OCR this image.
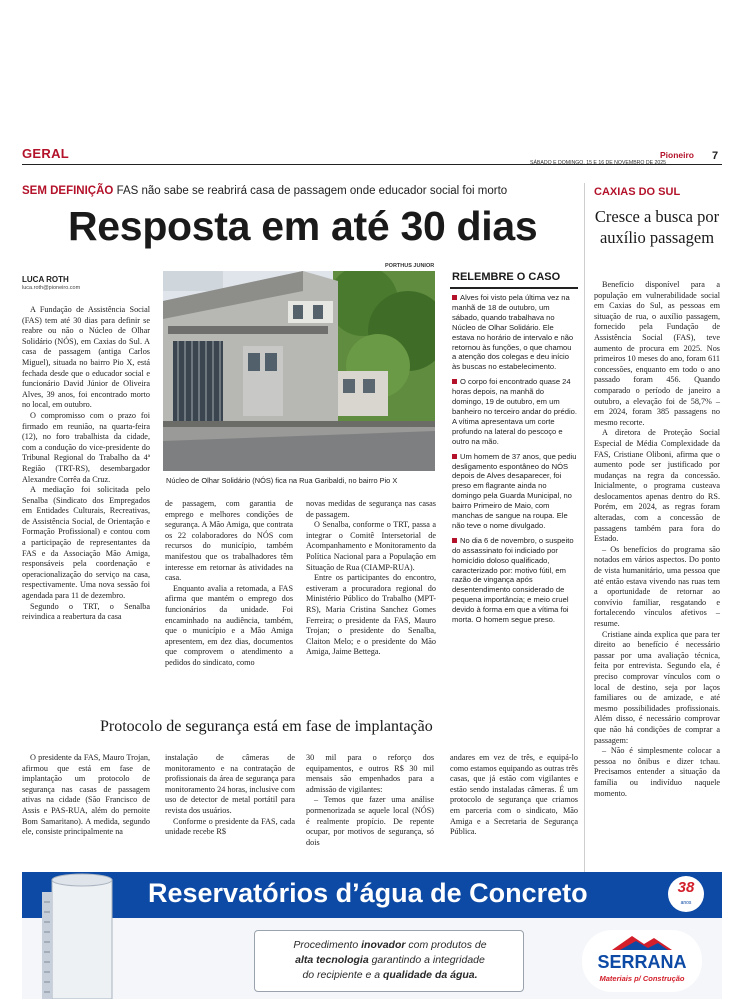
GERAL	Pioneiro
SÁBADO E DOMINGO, 15 E 16 DE NOVEMBRO DE 2025
7
SEM DEFINIÇÃO FAS não sabe se reabrirá casa de passagem onde educador social foi morto
Resposta em até 30 dias
LUCA ROTH
luca.roth@pioneiro.com
PORTHUS JUNIOR
Núcleo de Olhar Solidário (NÓS) fica na Rua Garibaldi, no bairro Pio X

A Fundação de Assistência Social (FAS) tem até 30 dias para definir se reabre ou não o Núcleo de Olhar Solidário (NÓS), em Caxias do Sul. A casa de passagem (antiga Carlos Miguel), situada no bairro Pio X, está fechada desde que o educador social e funcionário David Júnior de Oliveira Alves, 39 anos, foi encontrado morto no local, em outubro.

O compromisso com o prazo foi firmado em reunião, na quarta-feira (12), no foro trabalhista da cidade, com a condução do vice-presidente do Tribunal Regional do Trabalho da 4ª Região (TRT-RS), desembargador Alexandre Corrêa da Cruz.

A mediação foi solicitada pelo Senalba (Sindicato dos Empregados em Entidades Culturais, Recreativas, de Assistência Social, de Orientação e Formação Profissional) e contou com a participação de representantes da FAS e da Associação Mão Amiga, responsáveis pela coordenação e operacionalização do serviço na casa, respectivamente. Uma nova sessão foi agendada para 11 de dezembro.

Segundo o TRT, o Senalba reivindica a reabertura da casa

de passagem, com garantia de emprego e melhores condições de segurança. A Mão Amiga, que contrata os 22 colaboradores do NÓS com recursos do município, também manifestou que os trabalhadores têm interesse em retornar às atividades na casa.

Enquanto avalia a retomada, a FAS afirma que mantém o emprego dos funcionários da unidade. Foi encaminhado na audiência, também, que o município e a Mão Amiga apresentem, em dez dias, documentos que comprovem o atendimento a pedidos do sindicato, como

novas medidas de segurança nas casas de passagem.

O Senalba, conforme o TRT, passa a integrar o Comitê Intersetorial de Acompanhamento e Monitoramento da Política Nacional para a População em Situação de Rua (CIAMP-RUA).

Entre os participantes do encontro, estiveram a procuradora regional do Ministério Público do Trabalho (MPT-RS), Maria Cristina Sanchez Gomes Ferreira; o presidente da FAS, Mauro Trojan; o presidente do Senalba, Claiton Melo; e o presidente do Mão Amiga, Jaime Bettega.

RELEMBRE O CASO

Alves foi visto pela última vez na manhã de 18 de outubro, um sábado, quando trabalhava no Núcleo de Olhar Solidário. Ele estava no horário de intervalo e não retornou às funções, o que chamou a atenção dos colegas e deu início às buscas no estabelecimento.

O corpo foi encontrado quase 24 horas depois, na manhã do domingo, 19 de outubro, em um banheiro no terceiro andar do prédio. A vítima apresentava um corte profundo na lateral do pescoço e outro na mão.

Um homem de 37 anos, que pediu desligamento espontâneo do NÓS depois de Alves desaparecer, foi preso em flagrante ainda no domingo pela Guarda Municipal, no bairro Primeiro de Maio, com manchas de sangue na roupa. Ele não teve o nome divulgado.

No dia 6 de novembro, o suspeito do assassinato foi indiciado por homicídio doloso qualificado, caracterizado por: motivo fútil, em razão de vingança após desentendimento considerado de pequena importância; e meio cruel devido à forma em que a vítima foi morta. O homem segue preso.

Protocolo de segurança está em fase de implantação

O presidente da FAS, Mauro Trojan, afirmou que está em fase de implantação um protocolo de segurança nas casas de passagem ativas na cidade (São Francisco de Assis e PAS-RUA, além do pernoite Bom Samaritano). A medida, segundo ele, consiste principalmente na

instalação de câmeras de monitoramento e na contratação de profissionais da área de segurança para monitoramento 24 horas, inclusive com uso de detector de metal portátil para revista dos usuários.

Conforme o presidente da FAS, cada unidade recebe R$

30 mil para o reforço dos equipamentos, e outros R$ 30 mil mensais são empenhados para a admissão de vigilantes:

– Temos que fazer uma análise pormenorizada se aquele local (NÓS) é realmente propício. De repente ocupar, por motivos de segurança, só dois

andares em vez de três, e equipá-lo como estamos equipando as outras três casas, que já estão com vigilantes e estão sendo instaladas câmeras. É um protocolo de segurança que criamos em parceria com o sindicato, Mão Amiga e a Secretaria de Segurança Pública.

CAXIAS DO SUL
Cresce a busca por auxílio passagem

Benefício disponível para a população em vulnerabilidade social em Caxias do Sul, as pessoas em situação de rua, o auxílio passagem, fornecido pela Fundação de Assistência Social (FAS), teve aumento de procura em 2025. Nos primeiros 10 meses do ano, foram 611 concessões, enquanto em todo o ano passado foram 456. Quando comparado o período de janeiro a outubro, a elevação foi de 58,7% – em 2024, foram 385 passagens no mesmo recorte.

A diretora de Proteção Social Especial de Média Complexidade da FAS, Cristiane Oliboni, afirma que o aumento pode ser justificado por mudanças na regra da concessão. Inicialmente, o programa custeava deslocamentos apenas dentro do RS. Porém, em 2024, as regras foram alteradas, com a concessão de passagens também para fora do Estado.

– Os benefícios do programa são notados em vários aspectos. Do ponto de vista humanitário, uma pessoa que até então estava vivendo nas ruas tem a oportunidade de retornar ao convívio familiar, resgatando e fortalecendo vínculos afetivos – resume.

Cristiane ainda explica que para ter direito ao benefício é necessário passar por uma avaliação técnica, feita por entrevista. Segundo ela, é preciso comprovar vínculos com o local de destino, seja por laços familiares ou de amizade, e até mesmo possibilidades profissionais. Além disso, é necessário comprovar que não há condições de comprar a passagem:

– Não é simplesmente colocar a pessoa no ônibus e dizer tchau. Precisamos entender a situação da família ou indivíduo naquele momento.

Reservatórios d’água de Concreto	38
anos
Procedimento inovador com produtos de
alta tecnologia garantindo a integridade
do recipiente e a qualidade da água.
SERRANA
Materiais p/ Construção
